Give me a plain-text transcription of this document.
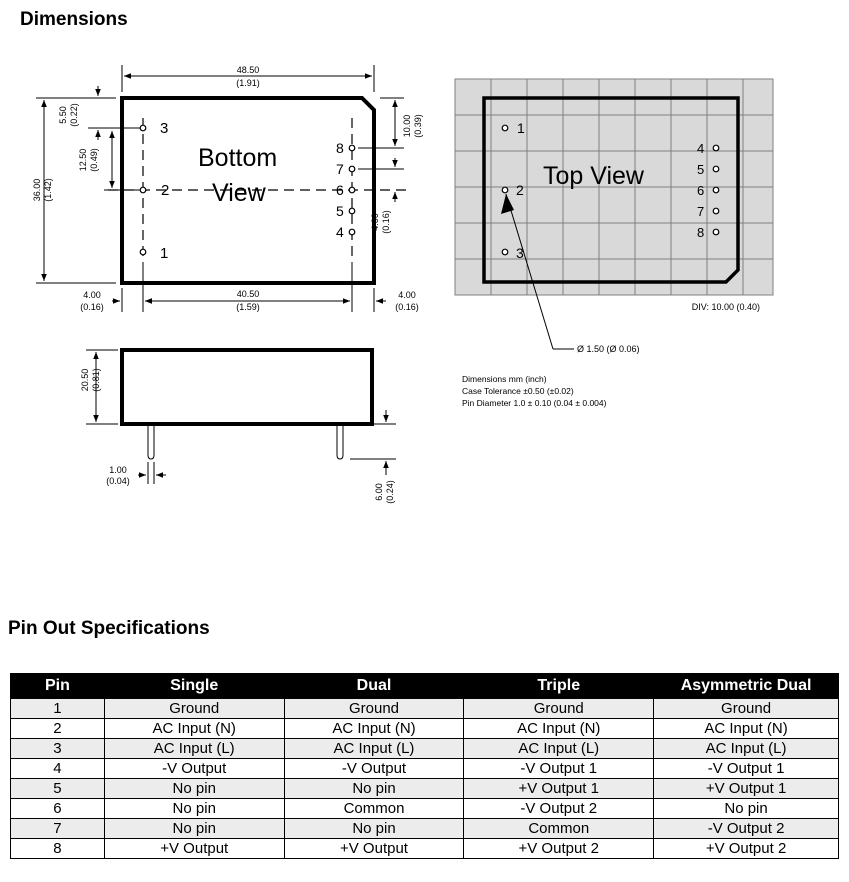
Dimensions
3
2
1
8
7
6
5
4
Bottom
View
48.50
(1.91)
36.00 (1.42)
5.50 (0.22)
12.50 (0.49)
10.00 (0.39)
4.00 (0.16)
4.00
(0.16)
40.50
(1.59)
4.00
(0.16)
20.50 (0.81)
1.00
(0.04)
6.00 (0.24)
1
2
3
4
5
6
7
8
Top View
DIV: 10.00 (0.40)
Ø 1.50 (Ø 0.06)
Dimensions mm (inch)
Case Tolerance ±0.50 (±0.02)
Pin Diameter 1.0 ± 0.10 (0.04 ± 0.004)
Pin Out Specifications
Pin	Single	Dual	Triple	Asymmetric Dual
1	Ground	Ground	Ground	Ground
2	AC Input (N)	AC Input (N)	AC Input (N)	AC Input (N)
3	AC Input (L)	AC Input (L)	AC Input (L)	AC Input (L)
4	-V Output	-V Output	-V Output 1	-V Output 1
5	No pin	No pin	+V Output 1	+V Output 1
6	No pin	Common	-V Output 2	No pin
7	No pin	No pin	Common	-V Output 2
8	+V Output	+V Output	+V Output 2	+V Output 2
